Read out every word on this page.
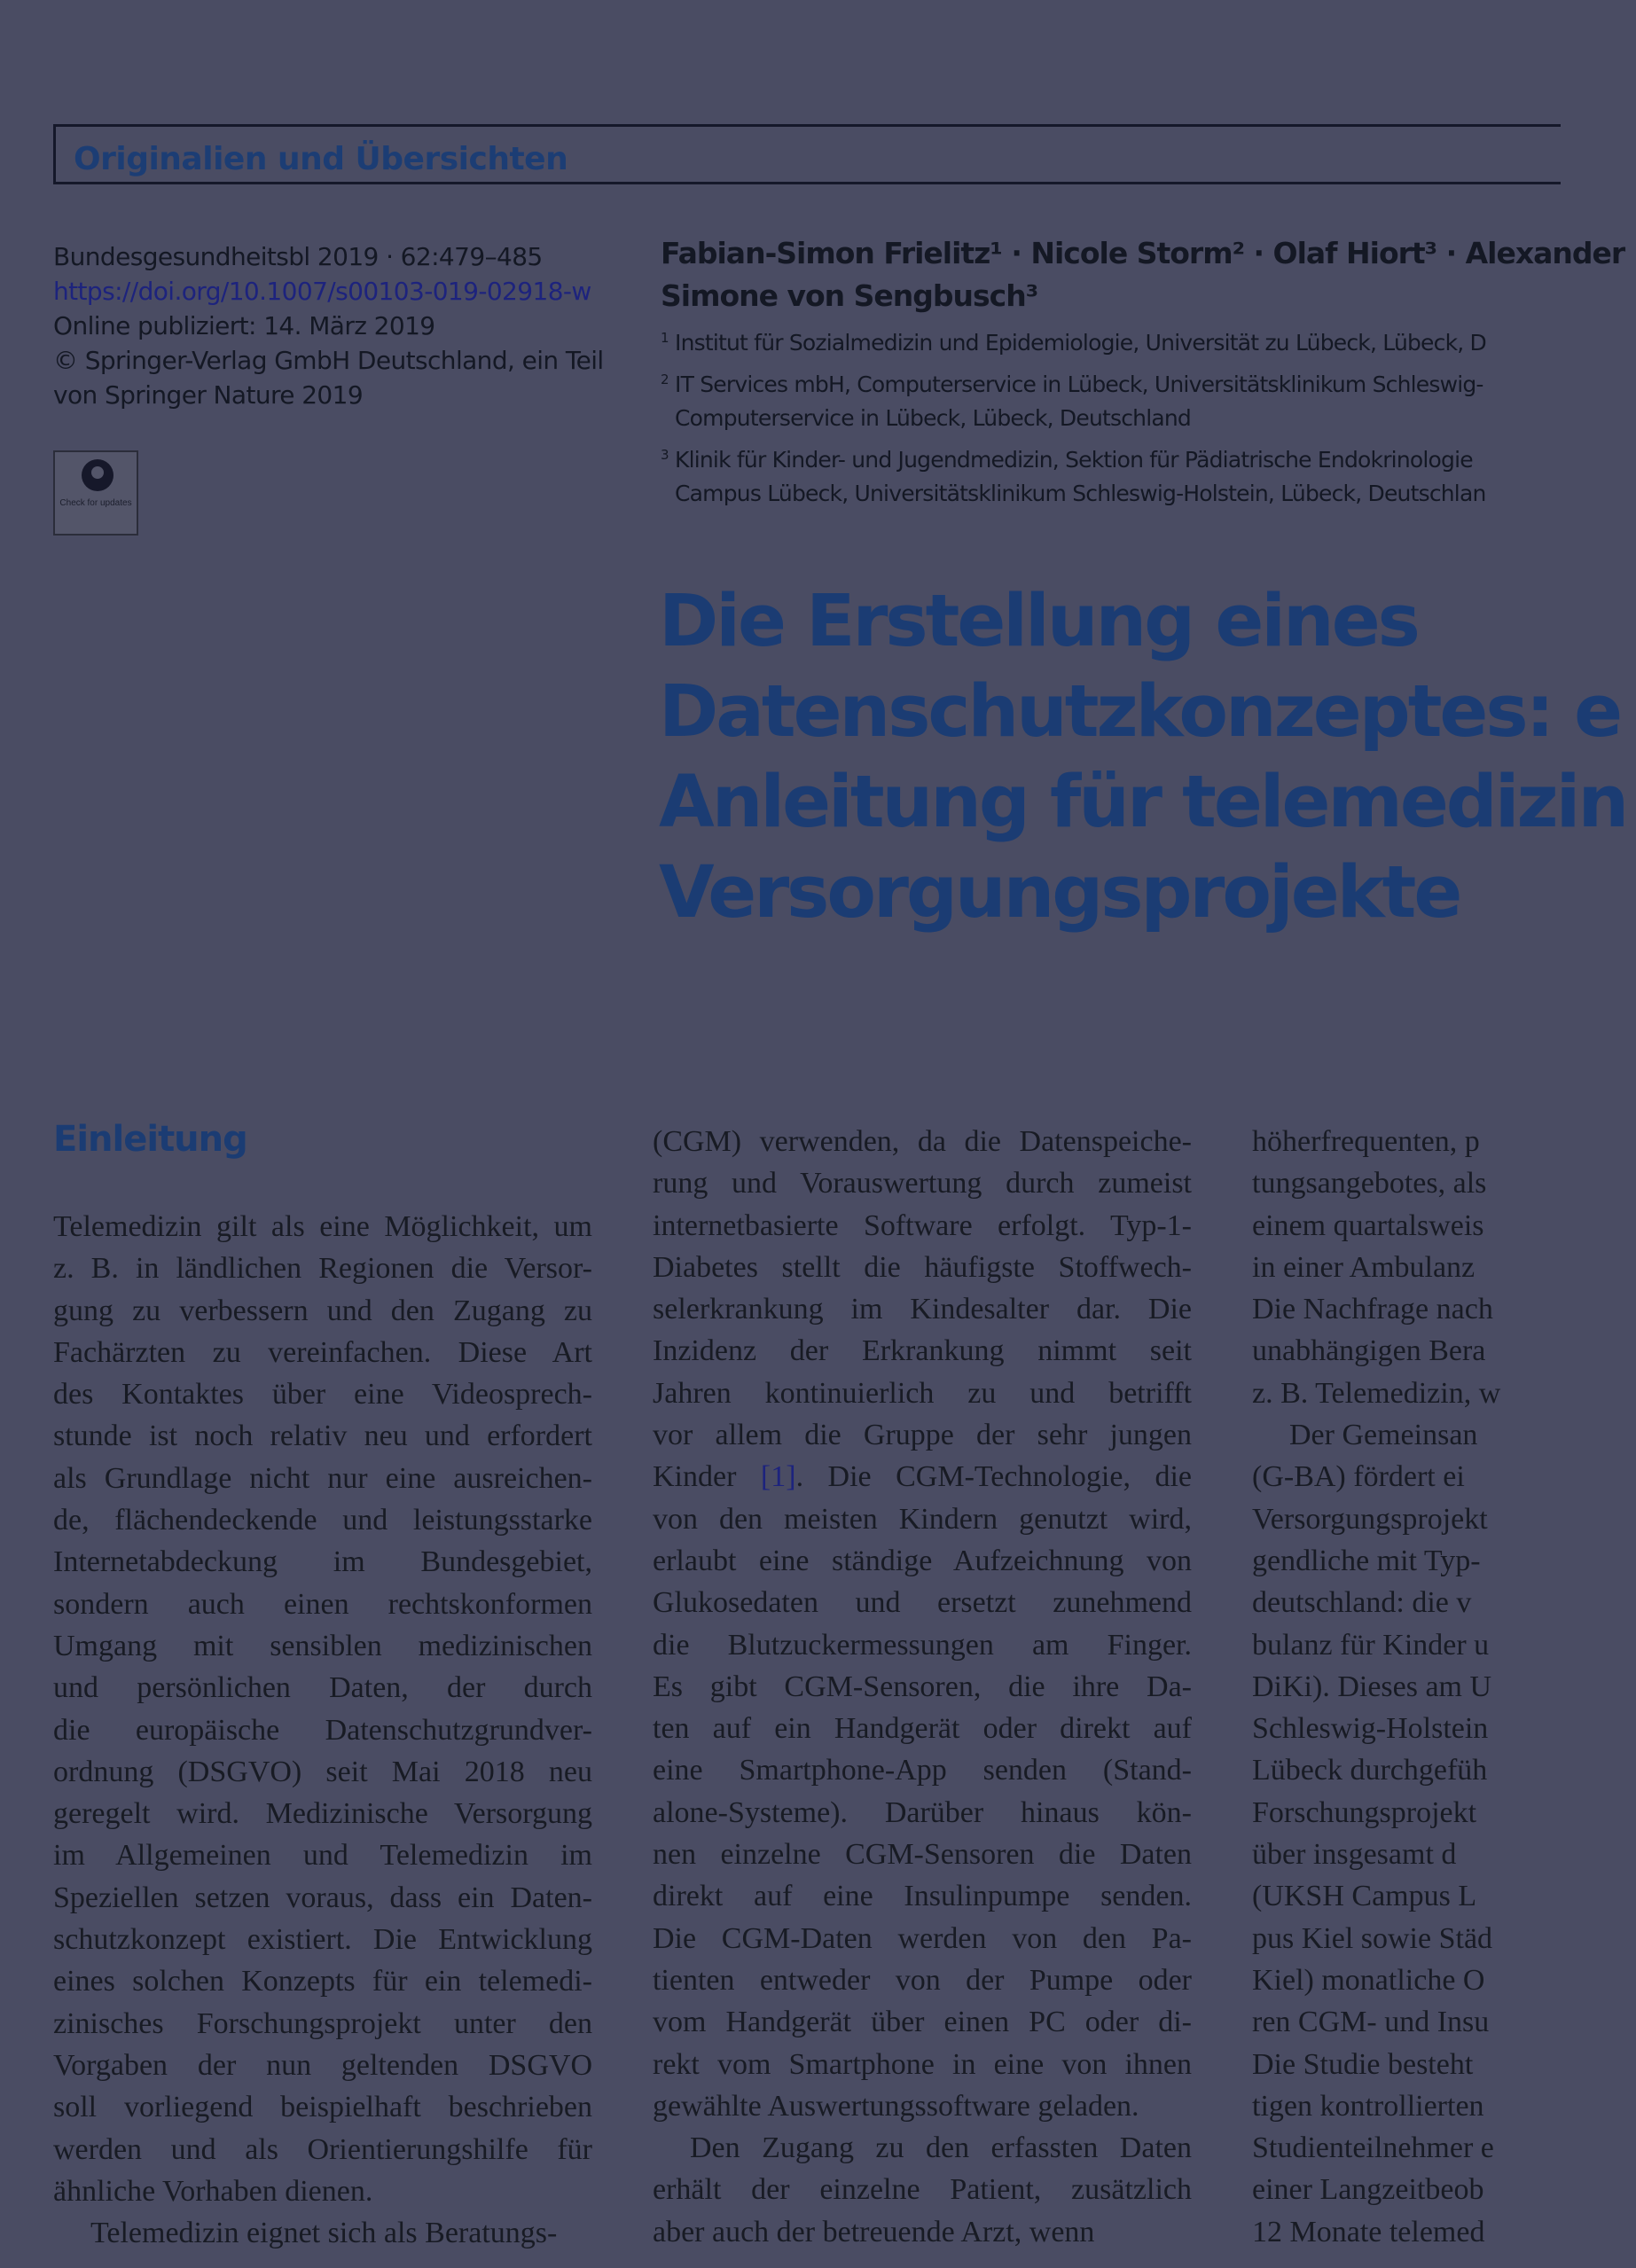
Originalien und Übersichten
Bundesgesundheitsbl 2019 · 62:479–485
https://doi.org/10.1007/s00103-019-02918-w
Online publiziert: 14. März 2019
© Springer-Verlag GmbH Deutschland, ein Teil
von Springer Nature 2019
Check for updates
Fabian-Simon Frielitz¹ · Nicole Storm² · Olaf Hiort³ · Alexander
Simone von Sengbusch³
1 Institut für Sozialmedizin und Epidemiologie, Universität zu Lübeck, Lübeck, D
2 IT Services mbH, Computerservice in Lübeck, Universitätsklinikum Schleswig-
Computerservice in Lübeck, Lübeck, Deutschland
3 Klinik für Kinder- und Jugendmedizin, Sektion für Pädiatrische Endokrinologie
Campus Lübeck, Universitätsklinikum Schleswig-Holstein, Lübeck, Deutschlan
Die Erstellung eines
Datenschutzkonzeptes: e
Anleitung für telemedizin
Versorgungsprojekte
Einleitung
Telemedizin gilt als eine Möglichkeit, um
z. B. in ländlichen Regionen die Versor-
gung zu verbessern und den Zugang zu
Fachärzten zu vereinfachen. Diese Art
des Kontaktes über eine Videosprech-
stunde ist noch relativ neu und erfordert
als Grundlage nicht nur eine ausreichen-
de, flächendeckende und leistungsstarke
Internetabdeckung im Bundesgebiet,
sondern auch einen rechtskonformen
Umgang mit sensiblen medizinischen
und persönlichen Daten, der durch
die europäische Datenschutzgrundver-
ordnung (DSGVO) seit Mai 2018 neu
geregelt wird. Medizinische Versorgung
im Allgemeinen und Telemedizin im
Speziellen setzen voraus, dass ein Daten-
schutzkonzept existiert. Die Entwicklung
eines solchen Konzepts für ein telemedi-
zinisches Forschungsprojekt unter den
Vorgaben der nun geltenden DSGVO
soll vorliegend beispielhaft beschrieben
werden und als Orientierungshilfe für
ähnliche Vorhaben dienen.
Telemedizin eignet sich als Beratungs-
(CGM) verwenden, da die Datenspeiche-
rung und Vorauswertung durch zumeist
internetbasierte Software erfolgt. Typ-1-
Diabetes stellt die häufigste Stoffwech-
selerkrankung im Kindesalter dar. Die
Inzidenz der Erkrankung nimmt seit
Jahren kontinuierlich zu und betrifft
vor allem die Gruppe der sehr jungen
Kinder [1]. Die CGM-Technologie, die
von den meisten Kindern genutzt wird,
erlaubt eine ständige Aufzeichnung von
Glukosedaten und ersetzt zunehmend
die Blutzuckermessungen am Finger.
Es gibt CGM-Sensoren, die ihre Da-
ten auf ein Handgerät oder direkt auf
eine Smartphone-App senden (Stand-
alone-Systeme). Darüber hinaus kön-
nen einzelne CGM-Sensoren die Daten
direkt auf eine Insulinpumpe senden.
Die CGM-Daten werden von den Pa-
tienten entweder von der Pumpe oder
vom Handgerät über einen PC oder di-
rekt vom Smartphone in eine von ihnen
gewählte Auswertungssoftware geladen.
Den Zugang zu den erfassten Daten
erhält der einzelne Patient, zusätzlich
aber auch der betreuende Arzt, wenn
höherfrequenten, p
tungsangebotes, als
einem quartalsweis
in einer Ambulanz
Die Nachfrage nach
unabhängigen Bera
z. B. Telemedizin, w
Der Gemeinsan
(G-BA) fördert ei
Versorgungsprojekt
gendliche mit Typ-
deutschland: die v
bulanz für Kinder u
DiKi). Dieses am U
Schleswig-Holstein
Lübeck durchgefüh
Forschungsprojekt
über insgesamt d
(UKSH Campus L
pus Kiel sowie Städ
Kiel) monatliche O
ren CGM- und Insu
Die Studie besteht
tigen kontrollierten
Studienteilnehmer e
einer Langzeitbeob
12 Monate telemed
